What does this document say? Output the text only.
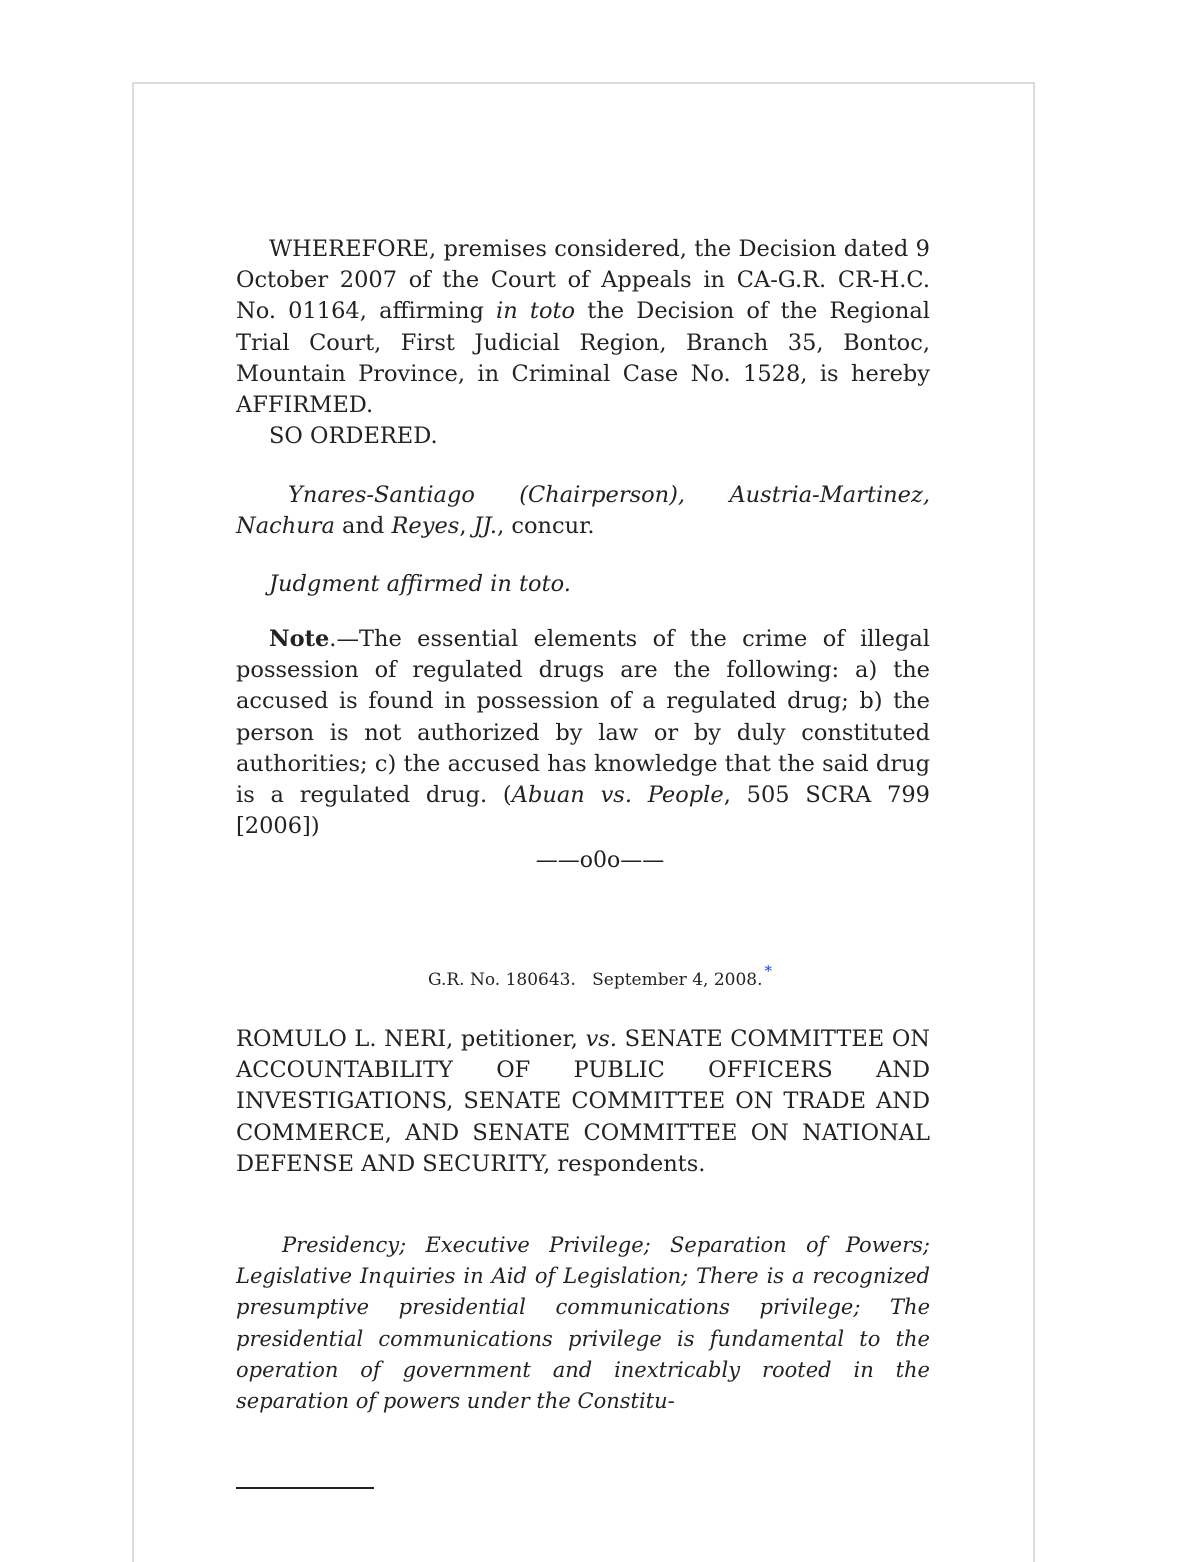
WHEREFORE, premises considered, the Decision dated 9 October 2007 of the Court of Appeals in CA-G.R. CR-H.C. No. 01164, affirming in toto the Decision of the Regional Trial Court, First Judicial Region, Branch 35, Bontoc, Mountain Province, in Criminal Case No. 1528, is hereby AFFIRMED.

SO ORDERED.

Ynares-Santiago (Chairperson), Austria-Martinez, Nachura and Reyes, JJ., concur.

Judgment affirmed in toto.

Note.—The essential elements of the crime of illegal possession of regulated drugs are the following: a) the accused is found in possession of a regulated drug; b) the person is not authorized by law or by duly constituted authorities; c) the accused has knowledge that the said drug is a regulated drug. (Abuan vs. People, 505 SCRA 799 [2006])

——o0o——
G.R. No. 180643.   September 4, 2008. *

ROMULO L. NERI, petitioner, vs. SENATE COMMITTEE ON ACCOUNTABILITY OF PUBLIC OFFICERS AND INVESTIGATIONS, SENATE COMMITTEE ON TRADE AND COMMERCE, AND SENATE COMMITTEE ON NATIONAL DEFENSE AND SECURITY, respondents.

Presidency; Executive Privilege; Separation of Powers; Legislative Inquiries in Aid of Legislation; There is a recognized presumptive presidential communications privilege; The presidential communications privilege is fundamental to the operation of government and inextricably rooted in the separation of powers under the Constitu-
